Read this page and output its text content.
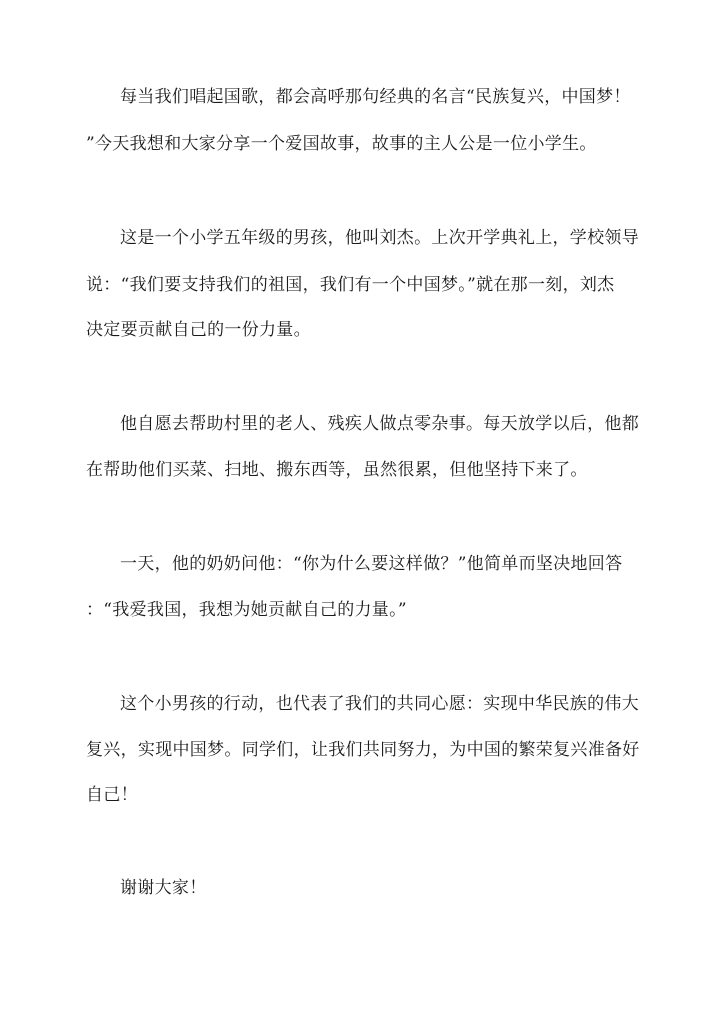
每当我们唱起国歌，都会高呼那句经典的名言“民族复兴，中国梦！
”今天我想和大家分享一个爱国故事，故事的主人公是一位小学生。
这是一个小学五年级的男孩，他叫刘杰。上次开学典礼上，学校领导
说：“我们要支持我们的祖国，我们有一个中国梦。”就在那一刻，刘杰
决定要贡献自己的一份力量。
他自愿去帮助村里的老人、残疾人做点零杂事。每天放学以后，他都
在帮助他们买菜、扫地、搬东西等，虽然很累，但他坚持下来了。
一天，他的奶奶问他：“你为什么要这样做？”他简单而坚决地回答
：“我爱我国，我想为她贡献自己的力量。”
这个小男孩的行动，也代表了我们的共同心愿：实现中华民族的伟大
复兴，实现中国梦。同学们，让我们共同努力，为中国的繁荣复兴准备好
自己！
谢谢大家！
